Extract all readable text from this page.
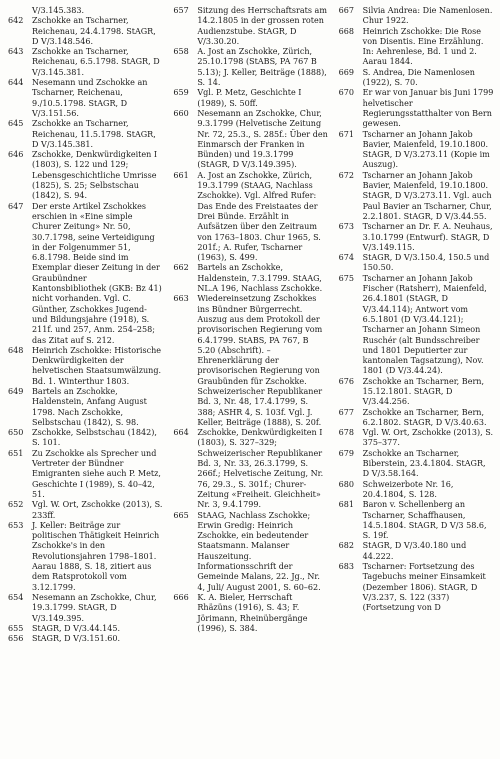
V/3.145.383.
642	Zschokke an Tscharner, Reichenau, 24.4.1798. StAGR, D V/3.148.546.
643	Zschokke an Tscharner, Reichenau, 6.5.1798. StAGR, D V/3.145.381.
644	Nesemann und Zschokke an Tscharner, Reichenau, 9./10.5.1798. StAGR, D V/3.151.56.
645	Zschokke an Tscharner, Reichenau, 11.5.1798. StAGR, D V/3.145.381.
646	Zschokke, Denkwürdigkeiten I (1803), S. 122 und 129; Lebensgeschichtliche Umrisse (1825), S. 25; Selbstschau (1842), S. 94.
647	Der erste Artikel Zschokkes erschien in «Eine simple Churer Zeitung» Nr. 50, 30.7.1798, seine Verteidigung in der Folgenummer 51, 6.8.1798. Beide sind im Exemplar dieser Zeitung in der Graubündner Kantonsbibliothek (GKB: Bz 41) nicht vorhanden. Vgl. C. Günther, Zschokkes Jugend- und Bildungsjahre (1918), S. 211f. und 257, Anm. 254–258; das Zitat auf S. 212.
648	Heinrich Zschokke: Historische Denkwürdigkeiten der helvetischen Staatsumwälzung. Bd. 1. Winterthur 1803.
649	Bartels an Zschokke, Haldenstein, Anfang August 1798. Nach Zschokke, Selbstschau (1842), S. 98.
650	Zschokke, Selbstschau (1842), S. 101.
651	Zu Zschokke als Sprecher und Vertreter der Bündner Emigranten siehe auch P. Metz, Geschichte I (1989), S. 40–42, 51.
652	Vgl. W. Ort, Zschokke (2013), S. 233ff.
653	J. Keller: Beiträge zur politischen Thätigkeit Heinrich Zschokke's in den Revolutionsjahren 1798–1801. Aarau 1888, S. 18, zitiert aus dem Ratsprotokoll vom 3.12.1799.
654	Nesemann an Zschokke, Chur, 19.3.1799. StAGR, D V/3.149.395.
655	StAGR, D V/3.44.145.
656	StAGR, D V/3.151.60.
657	Sitzung des Herrschaftsrats am 14.2.1805 in der grossen roten Audienzstube. StAGR, D V/3.30.20.
658	A. Jost an Zschokke, Zürich, 25.10.1798 (StABS, PA 767 B 5.13); J. Keller, Beiträge (1888), S. 14.
659	Vgl. P. Metz, Geschichte I (1989), S. 50ff.
660	Nesemann an Zschokke, Chur, 9.3.1799 (Helvetische Zeitung Nr. 72, 25.3., S. 285f.: Über den Einmarsch der Franken in Bünden) und 19.3.1799 (StAGR, D V/3.149.395).
661	A. Jost an Zschokke, Zürich, 19.3.1799 (StAAG, Nachlass Zschokke). Vgl. Alfred Rufer: Das Ende des Freistaates der Drei Bünde. Erzählt in Aufsätzen über den Zeitraum von 1763–1803. Chur 1965, S. 201f.; A. Rufer, Tscharner (1963), S. 499.
662	Bartels an Zschokke, Haldenstein, 7.3.1799. StAAG, NL.A 196, Nachlass Zschokke.
663	Wiedereinsetzung Zschokkes ins Bündner Bürgerrecht. Auszug aus dem Protokoll der provisorischen Regierung vom 6.4.1799. StABS, PA 767, B 5.20 (Abschrift). – Ehrenerklärung der provisorischen Regierung von Graubünden für Zschokke. Schweizerischer Republikaner Bd. 3, Nr. 48, 17.4.1799, S. 388; ASHR 4, S. 103f. Vgl. J. Keller, Beiträge (1888), S. 20f.
664	Zschokke, Denkwürdigkeiten I (1803), S. 327–329; Schweizerischer Republikaner Bd. 3, Nr. 33, 26.3.1799, S. 266f.; Helvetische Zeitung, Nr. 76, 29.3., S. 301f.; Churer-Zeitung «Freiheit. Gleichheit» Nr. 3, 9.4.1799.
665	StAAG, Nachlass Zschokke; Erwin Gredig: Heinrich Zschokke, ein bedeutender Staatsmann. Malanser Hauszeitung. Informationsschrift der Gemeinde Malans, 22. Jg., Nr. 4, Juli/ August 2001, S. 60–62.
666	K. A. Bieler, Herrschaft Rhäzüns (1916), S. 43; F. Jörimann, Rheinübergänge (1996), S. 384.
667	Silvia Andrea: Die Namenlosen. Chur 1922.
668	Heinrich Zschokke: Die Rose von Disentis. Eine Erzählung. In: Aehrenlese, Bd. 1 und 2. Aarau 1844.
669	S. Andrea, Die Namenlosen (1922), S. 70.
670	Er war von Januar bis Juni 1799 helvetischer Regierungsstatthalter von Bern gewesen.
671	Tscharner an Johann Jakob Bavier, Maienfeld, 19.10.1800. StAGR, D V/3.273.11 (Kopie im Auszug).
672	Tscharner an Johann Jakob Bavier, Maienfeld, 19.10.1800. StAGR, D V/3.273.11. Vgl. auch Paul Bavier an Tscharner, Chur, 2.2.1801. StAGR, D V/3.44.55.
673	Tscharner an Dr. F. A. Neuhaus, 3.10.1799 (Entwurf). StAGR, D V/3.149.115.
674	StAGR, D V/3.150.4, 150.5 und 150.50.
675	Tscharner an Johann Jakob Fischer (Ratsherr), Maienfeld, 26.4.1801 (StAGR, D V/3.44.114); Antwort vom 6.5.1801 (D V/3.44.121); Tscharner an Johann Simeon Ruschér (alt Bundsschreiber und 1801 Deputierter zur kantonalen Tagsatzung), Nov. 1801 (D V/3.44.24).
676	Zschokke an Tscharner, Bern, 15.12.1801. StAGR, D V/3.44.256.
677	Zschokke an Tscharner, Bern, 6.2.1802. StAGR, D V/3.40.63.
678	Vgl. W. Ort, Zschokke (2013), S. 375–377.
679	Zschokke an Tscharner, Biberstein, 23.4.1804. StAGR, D V/3.58.164.
680	Schweizerbote Nr. 16, 20.4.1804, S. 128.
681	Baron v. Schellenberg an Tscharner, Schaffhausen, 14.5.1804. StAGR, D V/3 58.6, S. 19f.
682	StAGR, D V/3.40.180 und 44.222.
683	Tscharner: Fortsetzung des Tagebuchs meiner Einsamkeit (Dezember 1806). StAGR, D V/3.237, S. 122 (337) (Fortsetzung von D
